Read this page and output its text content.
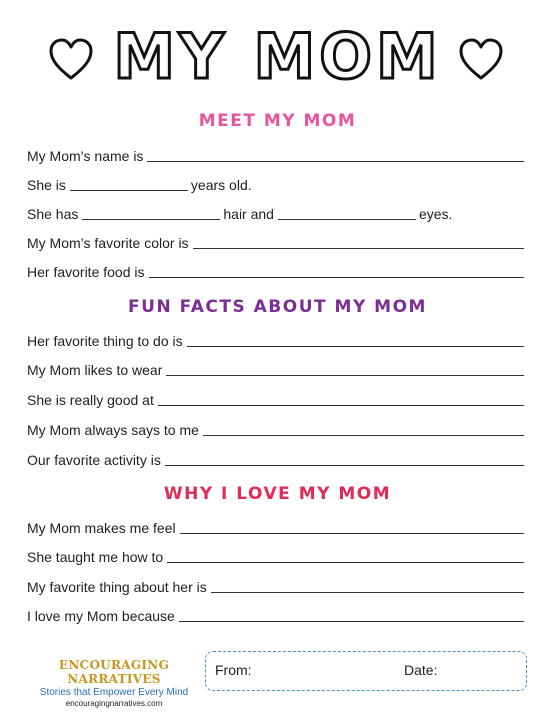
MY MOM
MEET MY MOM
My Mom’s name is
She is	years old.
She has	hair and	eyes.
My Mom’s favorite color is
Her favorite food is
FUN FACTS ABOUT MY MOM
Her favorite thing to do is
My Mom likes to wear
She is really good at
My Mom always says to me
Our favorite activity is
WHY I LOVE MY MOM
My Mom makes me feel
She taught me how to
My favorite thing about her is
I love my Mom because
ENCOURAGING NARRATIVES
Stories that Empower Every Mind
encouragingnarratives.com
From:	Date:
